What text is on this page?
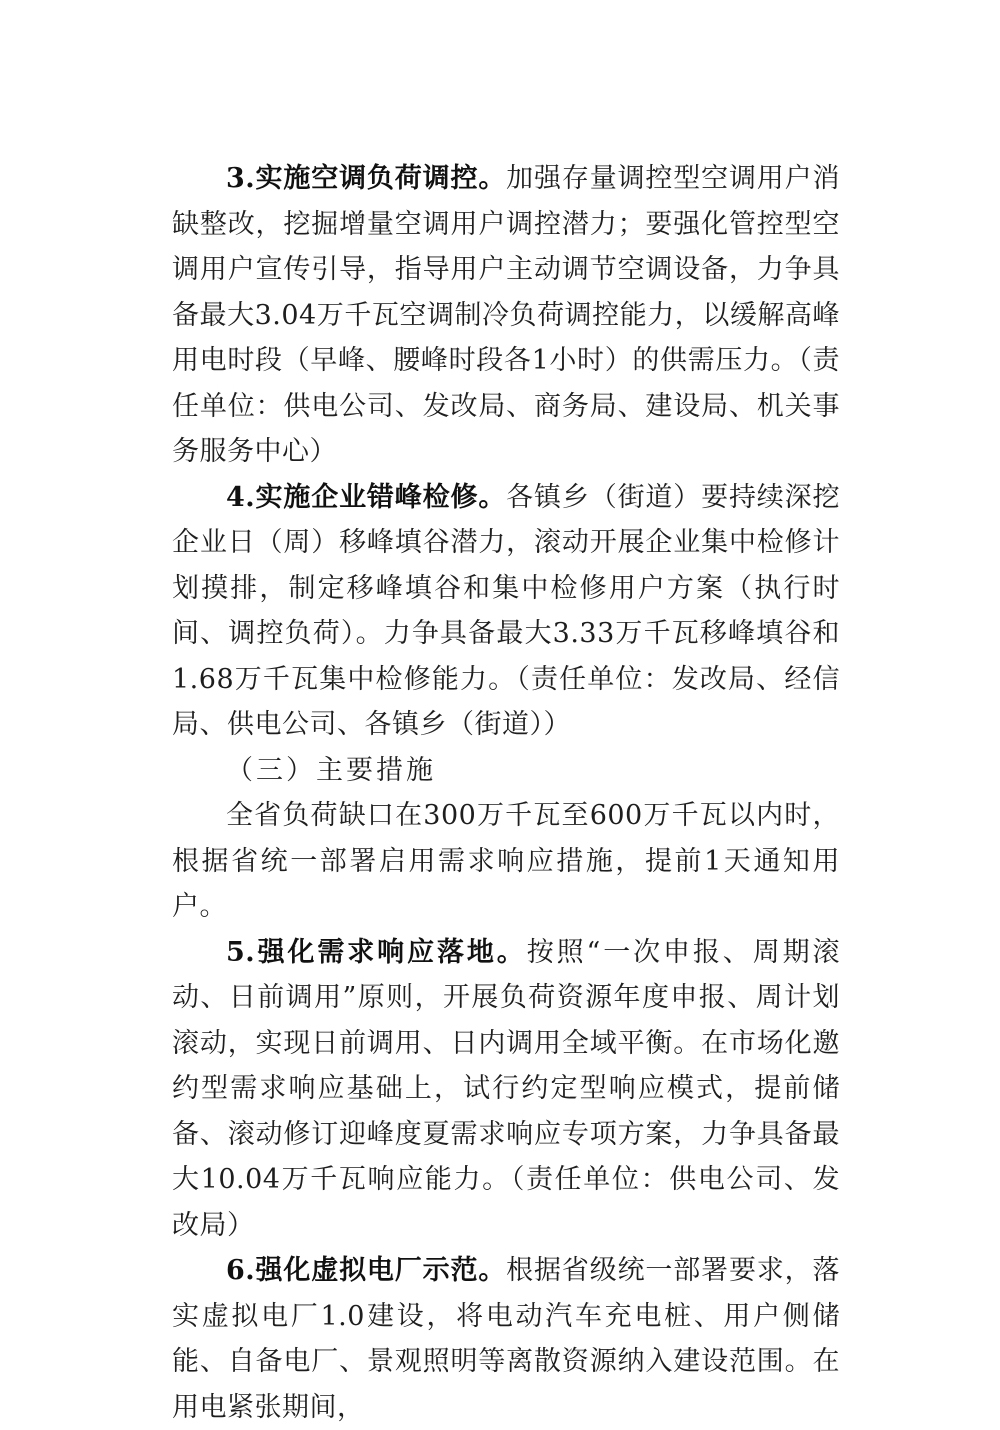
3.实施空调负荷调控。加强存量调控型空调用户消缺整改，挖掘增量空调用户调控潜力；要强化管控型空调用户宣传引导，指导用户主动调节空调设备，力争具备最大3.04万千瓦空调制冷负荷调控能力，以缓解高峰用电时段（早峰、腰峰时段各1小时）的供需压力。（责任单位：供电公司、发改局、商务局、建设局、机关事务服务中心）

4.实施企业错峰检修。各镇乡（街道）要持续深挖企业日（周）移峰填谷潜力，滚动开展企业集中检修计划摸排，制定移峰填谷和集中检修用户方案（执行时间、调控负荷）。力争具备最大3.33万千瓦移峰填谷和1.68万千瓦集中检修能力。（责任单位：发改局、经信局、供电公司、各镇乡（街道））

（三）主要措施

全省负荷缺口在300万千瓦至600万千瓦以内时，根据省统一部署启用需求响应措施，提前1天通知用户。

5.强化需求响应落地。按照“一次申报、周期滚动、日前调用”原则，开展负荷资源年度申报、周计划滚动，实现日前调用、日内调用全域平衡。在市场化邀约型需求响应基础上，试行约定型响应模式，提前储备、滚动修订迎峰度夏需求响应专项方案，力争具备最大10.04万千瓦响应能力。（责任单位：供电公司、发改局）

6.强化虚拟电厂示范。根据省级统一部署要求，落实虚拟电厂1.0建设，将电动汽车充电桩、用户侧储能、自备电厂、景观照明等离散资源纳入建设范围。在用电紧张期间，
